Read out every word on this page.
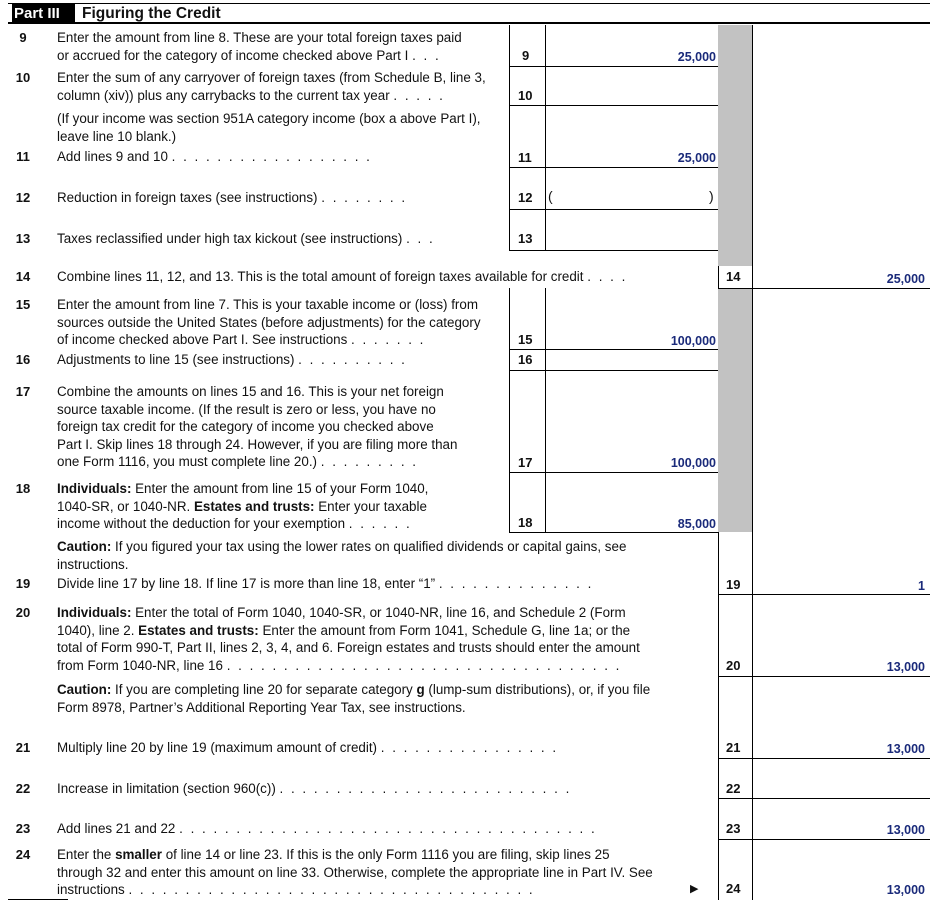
Part III	Figuring the Credit
9	Enter the amount from line 8. These are your total foreign taxes paid
or accrued for the category of income checked above Part I . . .	9	25,000
10	Enter the sum of any carryover of foreign taxes (from Schedule B, line 3,
column (xiv)) plus any carrybacks to the current tax year . . . . .	10
(If your income was section 951A category income (box a above Part I),
leave line 10 blank.)
11	Add lines 9 and 10 . . . . . . . . . . . . . . . . . .	11	25,000
12	Reduction in foreign taxes (see instructions) . . . . . . . .	12 (	)
13	Taxes reclassified under high tax kickout (see instructions) . . .	13
14	Combine lines 11, 12, and 13. This is the total amount of foreign taxes available for credit . . . .	14	25,000
15	Enter the amount from line 7. This is your taxable income or (loss) from
sources outside the United States (before adjustments) for the category
of income checked above Part I. See instructions . . . . . . .	15	100,000
16	Adjustments to line 15 (see instructions) . . . . . . . . . .	16
17	Combine the amounts on lines 15 and 16. This is your net foreign
source taxable income. (If the result is zero or less, you have no
foreign tax credit for the category of income you checked above
Part I. Skip lines 18 through 24. However, if you are filing more than
one Form 1116, you must complete line 20.) . . . . . . . . .	17	100,000
18	Individuals: Enter the amount from line 15 of your Form 1040,
1040-SR, or 1040-NR. Estates and trusts: Enter your taxable
income without the deduction for your exemption . . . . . .	18	85,000
Caution: If you figured your tax using the lower rates on qualified dividends or capital gains, see
instructions.
19	Divide line 17 by line 18. If line 17 is more than line 18, enter “1” . . . . . . . . . . . . . .	19	1
20	Individuals: Enter the total of Form 1040, 1040-SR, or 1040-NR, line 16, and Schedule 2 (Form
1040), line 2. Estates and trusts: Enter the amount from Form 1041, Schedule G, line 1a; or the
total of Form 990-T, Part II, lines 2, 3, 4, and 6. Foreign estates and trusts should enter the amount
from Form 1040-NR, line 16 . . . . . . . . . . . . . . . . . . . . . . . . . . . . . . . . . . .	20	13,000
Caution: If you are completing line 20 for separate category g (lump-sum distributions), or, if you file
Form 8978, Partner’s Additional Reporting Year Tax, see instructions.
21	Multiply line 20 by line 19 (maximum amount of credit) . . . . . . . . . . . . . . . .	21	13,000
22	Increase in limitation (section 960(c)) . . . . . . . . . . . . . . . . . . . . . . . . . .	22
23	Add lines 21 and 22 . . . . . . . . . . . . . . . . . . . . . . . . . . . . . . . . . . . . .	23	13,000
24	Enter the smaller of line 14 or line 23. If this is the only Form 1116 you are filing, skip lines 25
through 32 and enter this amount on line 33. Otherwise, complete the appropriate line in Part IV. See
instructions . . . . . . . . . . . . . . . . . . . . . . . . . . . . . . . . . . . .	▶ 24	13,000
